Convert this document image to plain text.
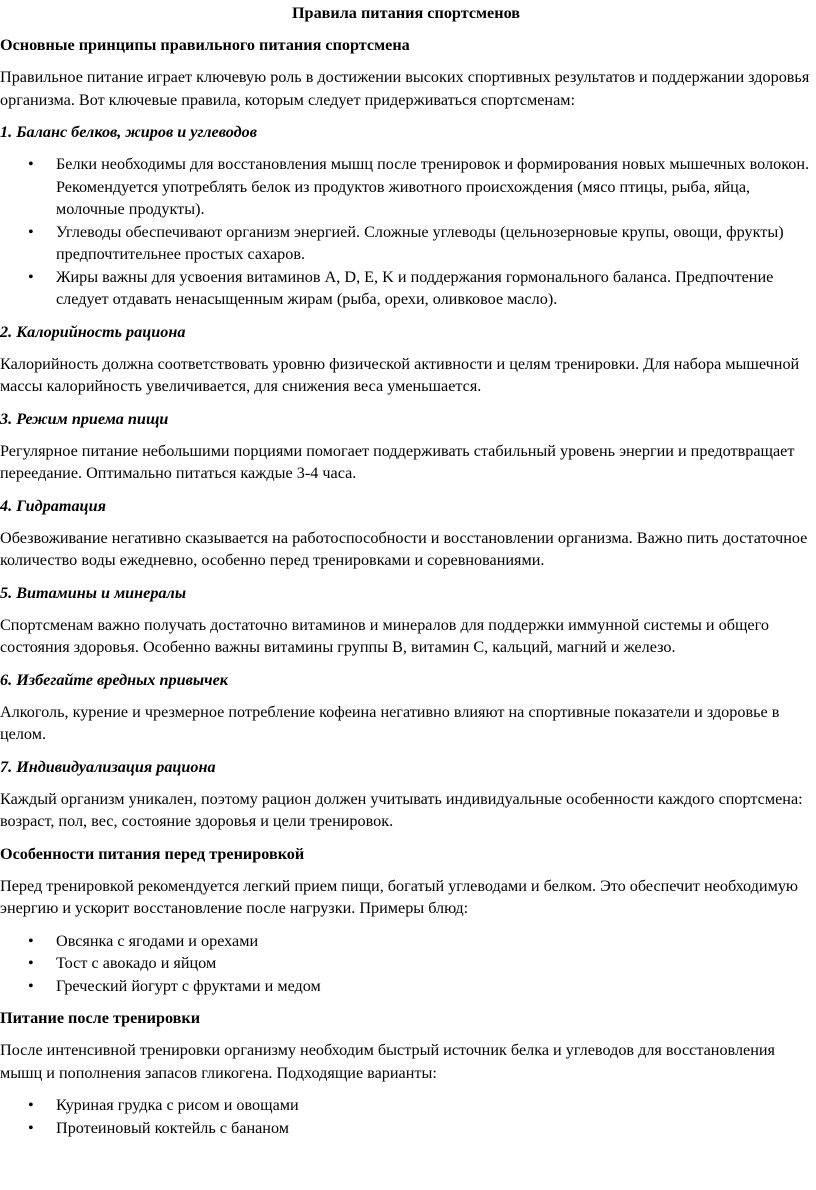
Правила питания спортсменов
Основные принципы правильного питания спортсмена

Правильное питание играет ключевую роль в достижении высоких спортивных результатов и поддержании здоровья организма. Вот ключевые правила, которым следует придерживаться спортсменам:

1. Баланс белков, жиров и углеводов
• Белки необходимы для восстановления мышц после тренировок и формирования новых мышечных волокон. Рекомендуется употреблять белок из продуктов животного происхождения (мясо птицы, рыба, яйца, молочные продукты).
• Углеводы обеспечивают организм энергией. Сложные углеводы (цельнозерновые крупы, овощи, фрукты) предпочтительнее простых сахаров.
• Жиры важны для усвоения витаминов A, D, E, K и поддержания гормонального баланса. Предпочтение следует отдавать ненасыщенным жирам (рыба, орехи, оливковое масло).
2. Калорийность рациона

Калорийность должна соответствовать уровню физической активности и целям тренировки. Для набора мышечной массы калорийность увеличивается, для снижения веса уменьшается.

3. Режим приема пищи

Регулярное питание небольшими порциями помогает поддерживать стабильный уровень энергии и предотвращает переедание. Оптимально питаться каждые 3-4 часа.

4. Гидратация

Обезвоживание негативно сказывается на работоспособности и восстановлении организма. Важно пить достаточное количество воды ежедневно, особенно перед тренировками и соревнованиями.

5. Витамины и минералы

Спортсменам важно получать достаточно витаминов и минералов для поддержки иммунной системы и общего состояния здоровья. Особенно важны витамины группы B, витамин C, кальций, магний и железо.

6. Избегайте вредных привычек

Алкоголь, курение и чрезмерное потребление кофеина негативно влияют на спортивные показатели и здоровье в целом.

7. Индивидуализация рациона

Каждый организм уникален, поэтому рацион должен учитывать индивидуальные особенности каждого спортсмена: возраст, пол, вес, состояние здоровья и цели тренировок.

Особенности питания перед тренировкой

Перед тренировкой рекомендуется легкий прием пищи, богатый углеводами и белком. Это обеспечит необходимую энергию и ускорит восстановление после нагрузки. Примеры блюд:

• Овсянка с ягодами и орехами
• Тост с авокадо и яйцом
• Греческий йогурт с фруктами и медом
Питание после тренировки

После интенсивной тренировки организму необходим быстрый источник белка и углеводов для восстановления мышц и пополнения запасов гликогена. Подходящие варианты:

• Куриная грудка с рисом и овощами
• Протеиновый коктейль с бананом
